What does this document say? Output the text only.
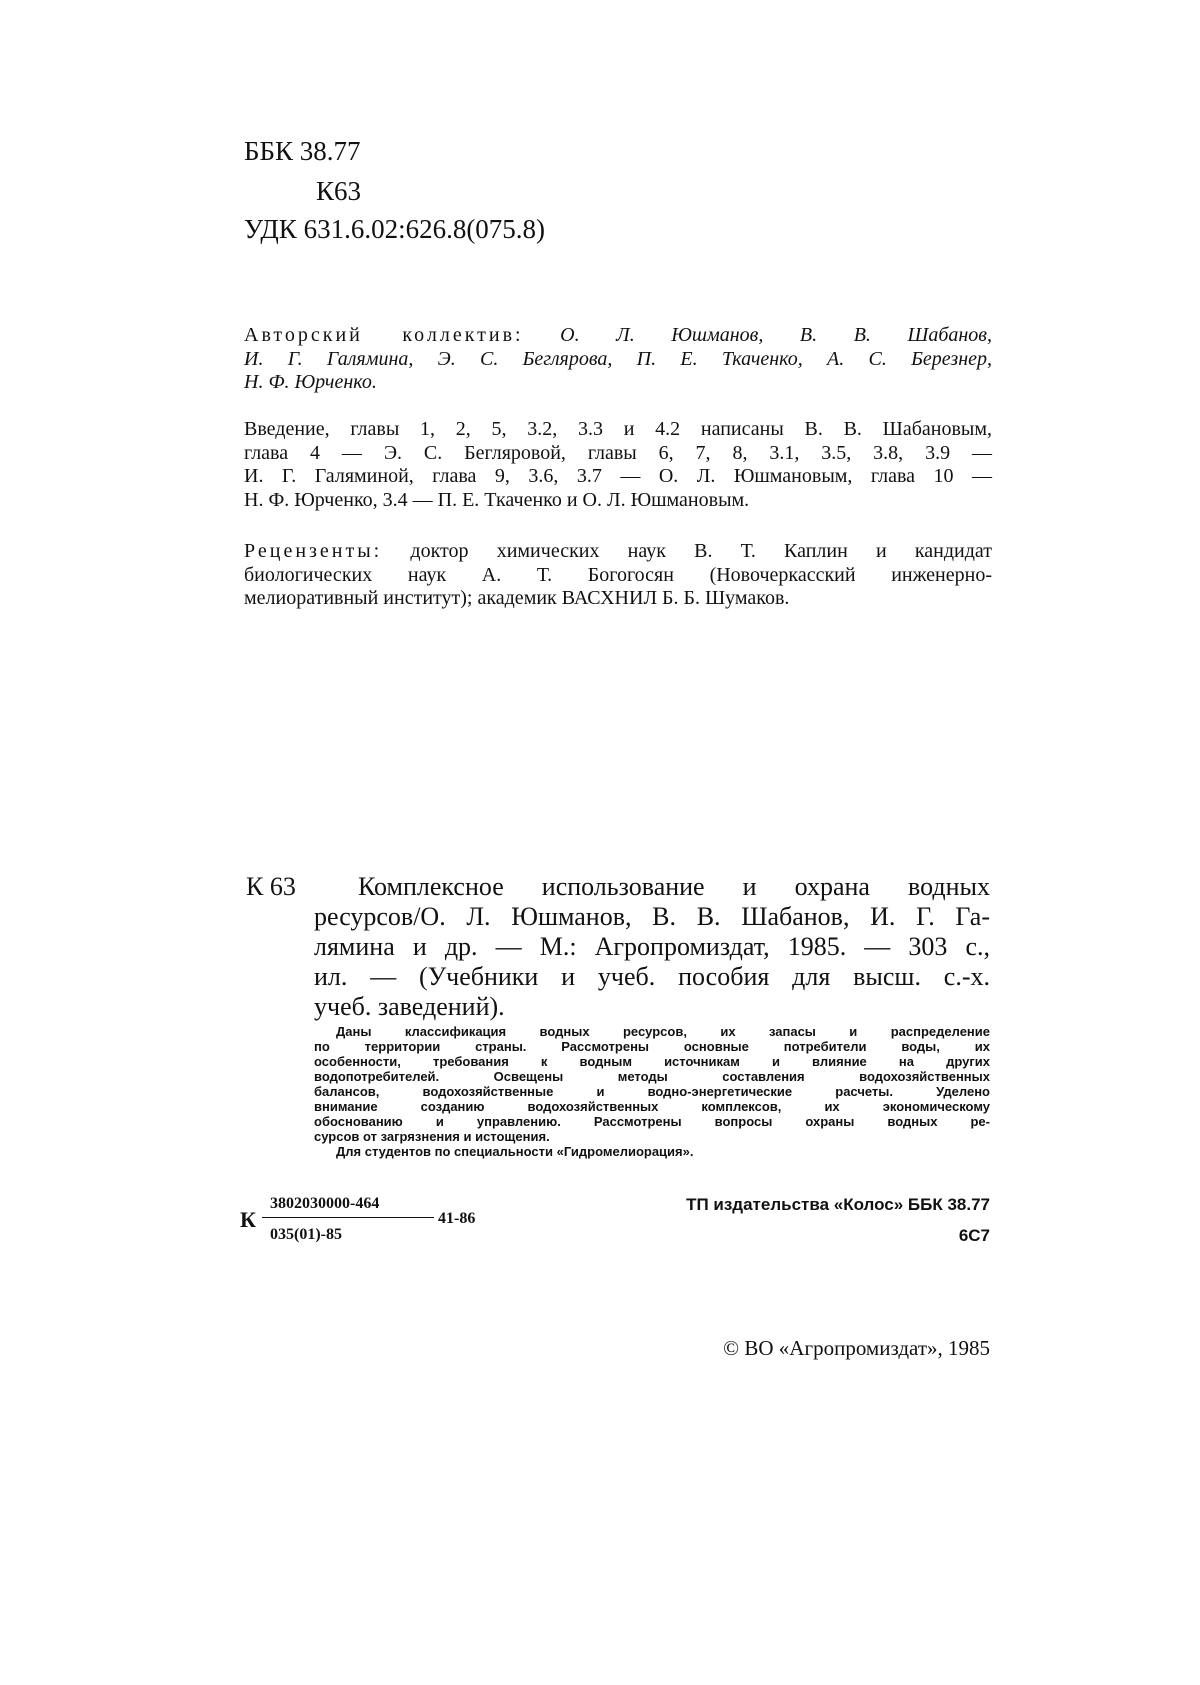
ББК 38.77
К63
УДК 631.6.02:626.8(075.8)
Авторский коллектив: О. Л. Юшманов, В. В. Шабанов,
И. Г. Галямина, Э. С. Беглярова, П. Е. Ткаченко, А. С. Березнер,
Н. Ф. Юрченко.
Введение, главы 1, 2, 5, 3.2, 3.3 и 4.2 написаны В. В. Шабановым,
глава 4 — Э. С. Бегляровой, главы 6, 7, 8, 3.1, 3.5, 3.8, 3.9 —
И. Г. Галяминой, глава 9, 3.6, 3.7 — О. Л. Юшмановым, глава 10 —
Н. Ф. Юрченко, 3.4 — П. Е. Ткаченко и О. Л. Юшмановым.
Рецензенты: доктор химических наук В. Т. Каплин и кандидат
биологических наук А. Т. Богогосян (Новочеркасский инженерно-
мелиоративный институт); академик ВАСХНИЛ Б. Б. Шумаков.
К 63 Комплексное использование и охрана водных
ресурсов/О. Л. Юшманов, В. В. Шабанов, И. Г. Га-
лямина и др. — М.: Агропромиздат, 1985. — 303 с.,
ил. — (Учебники и учеб. пособия для высш. с.-х.
учеб. заведений).
Даны классификация водных ресурсов, их запасы и распределение
по территории страны. Рассмотрены основные потребители воды, их
особенности, требования к водным источникам и влияние на других
водопотребителей. Освещены методы составления водохозяйственных
балансов, водохозяйственные и водно-энергетические расчеты. Уделено
внимание созданию водохозяйственных комплексов, их экономическому
обоснованию и управлению. Рассмотрены вопросы охраны водных ре-
сурсов от загрязнения и истощения.
Для студентов по специальности «Гидромелиорация».
К
3802030000-464
035(01)-85
41-86
ТП издательства «Колос» ББК 38.77
6С7
© ВО «Агропромиздат», 1985
